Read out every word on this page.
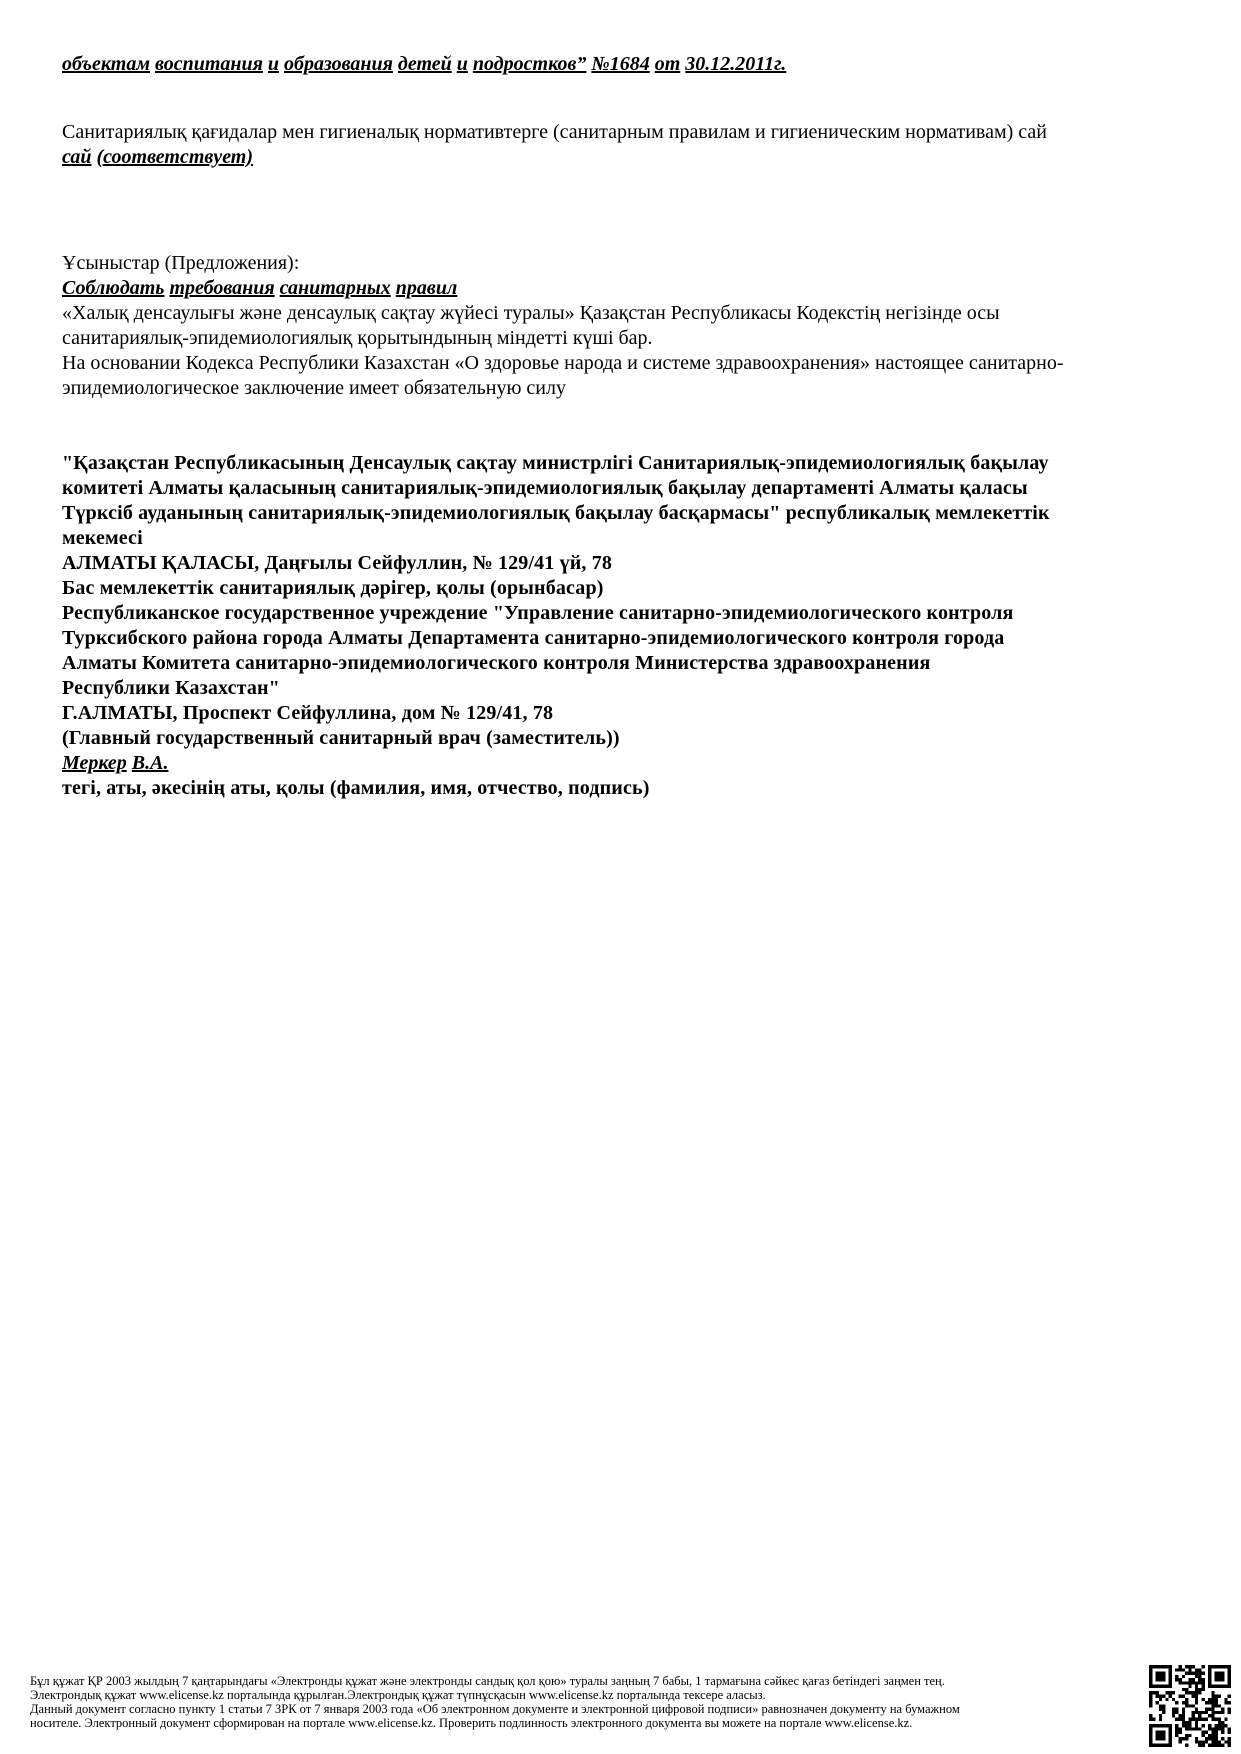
объектам воспитания и образования детей и подростков” №1684 от 30.12.2011г.
Санитариялық қағидалар мен гигиеналық нормативтерге (санитарным правилам и гигиеническим нормативам) сай
сай (соответствует)
Ұсыныстар (Предложения):
Соблюдать требования санитарных правил
«Халық денсаулығы және денсаулық сақтау жүйесі туралы» Қазақстан Республикасы Кодекстің негізінде осы
санитариялық-эпидемиологиялық қорытындының міндетті күші бар.
На основании Кодекса Республики Казахстан «О здоровье народа и системе здравоохранения» настоящее санитарно-
эпидемиологическое заключение имеет обязательную силу
"Қазақстан Республикасының Денсаулық сақтау министрлігі Санитариялық-эпидемиологиялық бақылау
комитеті Алматы қаласының санитариялық-эпидемиологиялық бақылау департаменті Алматы қаласы
Түрксіб ауданының санитариялық-эпидемиологиялық бақылау басқармасы" республикалық мемлекеттік
мекемесі
АЛМАТЫ ҚАЛАСЫ, Даңғылы Сейфуллин, № 129/41 үй, 78
Бас мемлекеттік санитариялық дәрігер, қолы (орынбасар)
Республиканское государственное учреждение "Управление санитарно-эпидемиологического контроля
Турксибского района города Алматы Департамента санитарно-эпидемиологического контроля города
Алматы Комитета санитарно-эпидемиологического контроля Министерства здравоохранения
Республики Казахстан"
Г.АЛМАТЫ, Проспект Сейфуллина, дом № 129/41, 78
(Главный государственный санитарный врач (заместитель))
Меркер В.А.
тегі, аты, әкесінің аты, қолы (фамилия, имя, отчество, подпись)
Бұл құжат ҚР 2003 жылдың 7 қаңтарындағы «Электронды құжат және электронды сандық қол қою» туралы заңның 7 бабы, 1 тармағына сәйкес қағаз бетіндегі заңмен тең.
Электрондық құжат www.elicense.kz порталында құрылған.Электрондық құжат түпнұсқасын www.elicense.kz порталында тексере аласыз.
Данный документ согласно пункту 1 статьи 7 ЗРК от 7 января 2003 года «Об электронном документе и электронной цифровой подписи» равнозначен документу на бумажном
носителе. Электронный документ сформирован на портале www.elicense.kz. Проверить подлинность электронного документа вы можете на портале www.elicense.kz.
